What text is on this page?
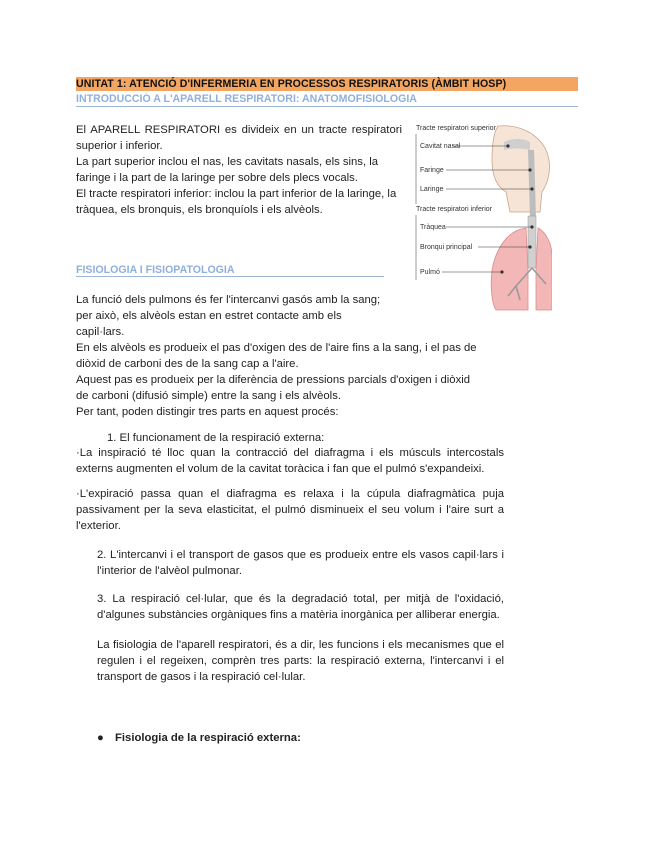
UNITAT 1: ATENCIÓ D'INFERMERIA EN PROCESSOS RESPIRATORIS (ÀMBIT HOSP)
INTRODUCCIÓ A L'APARELL RESPIRATORI: ANATOMOFISIOLOGIA
El APARELL RESPIRATORI es divideix en un tracte respiratori superior i inferior.
La part superior inclou el nas, les cavitats nasals, els sins, la faringe i la part de la laringe per sobre dels plecs vocals.
El tracte respiratori inferior: inclou la part inferior de la laringe, la tràquea, els bronquis, els bronquíols i els alvèols.
Tracte respiratori superior
Cavitat nasal
Faringe
Laringe
Tracte respiratori inferior
Tràquea
Bronqui principal
Pulmó
FISIOLOGIA I FISIOPATOLOGIA
La funció dels pulmons és fer l'intercanvi gasós amb la sang;
per això, els alvèols estan en estret contacte amb els
capil·lars.
En els alvèols es produeix el pas d'oxigen des de l'aire fins a la sang, i el pas de
diòxid de carboni des de la sang cap a l'aire.
Aquest pas es produeix per la diferència de pressions parcials d'oxigen i diòxid
de carboni (difusió simple) entre la sang i els alvèols.
Per tant, poden distingir tres parts en aquest procés:
1. El funcionament de la respiració externa:
·La inspiració té lloc quan la contracció del diafragma i els músculs intercostals externs augmenten el volum de la cavitat toràcica i fan que el pulmó s'expandeixi.
·L'expiració passa quan el diafragma es relaxa i la cúpula diafragmàtica puja passivament per la seva elasticitat, el pulmó disminueix el seu volum i l'aire surt a l'exterior.
2. L'intercanvi i el transport de gasos que es produeix entre els vasos capil·lars i l'interior de l'alvèol pulmonar.
3. La respiració cel·lular, que és la degradació total, per mitjà de l'oxidació, d'algunes substàncies orgàniques fins a matèria inorgànica per alliberar energia.
La fisiologia de l'aparell respiratori, és a dir, les funcions i els mecanismes que el regulen i el regeixen, comprèn tres parts: la respiració externa, l'intercanvi i el transport de gasos i la respiració cel·lular.
● Fisiologia de la respiració externa:
